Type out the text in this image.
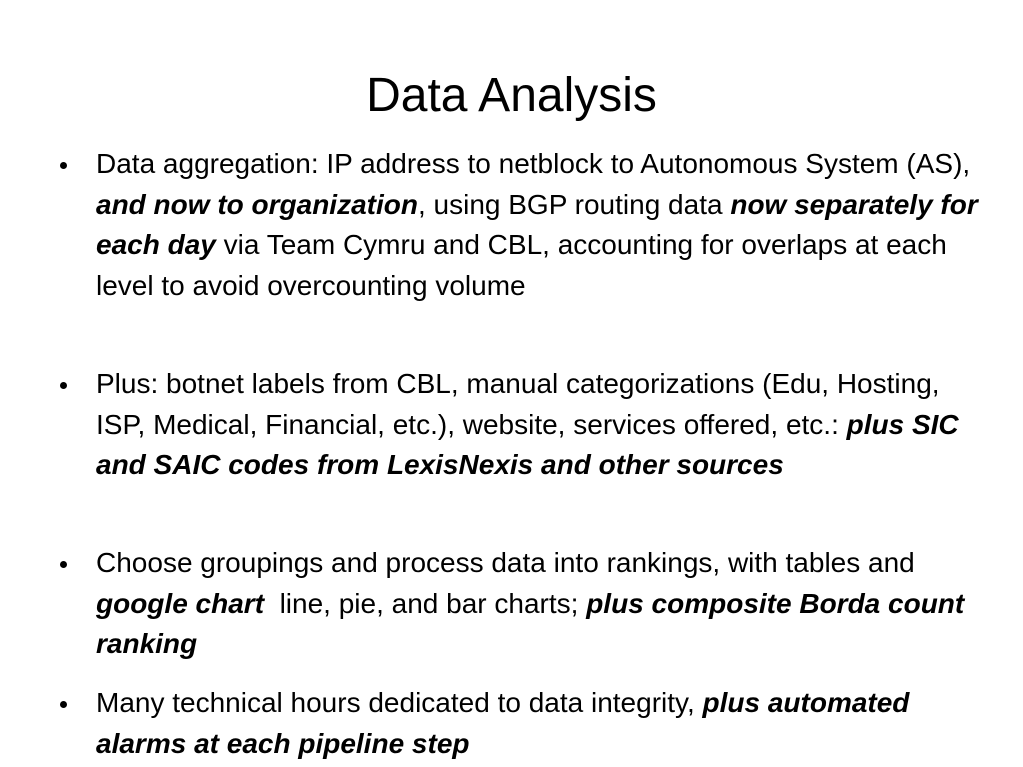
Data Analysis
Data aggregation: IP address to netblock to Autonomous System (AS), and now to organization, using BGP routing data now separately for each day via Team Cymru and CBL, accounting for overlaps at each level to avoid overcounting volume
Plus: botnet labels from CBL, manual categorizations (Edu, Hosting, ISP, Medical, Financial, etc.), website, services offered, etc.: plus SIC and SAIC codes from LexisNexis and other sources
Choose groupings and process data into rankings, with tables and google chart  line, pie, and bar charts; plus composite Borda count ranking
Many technical hours dedicated to data integrity, plus automated alarms at each pipeline step
